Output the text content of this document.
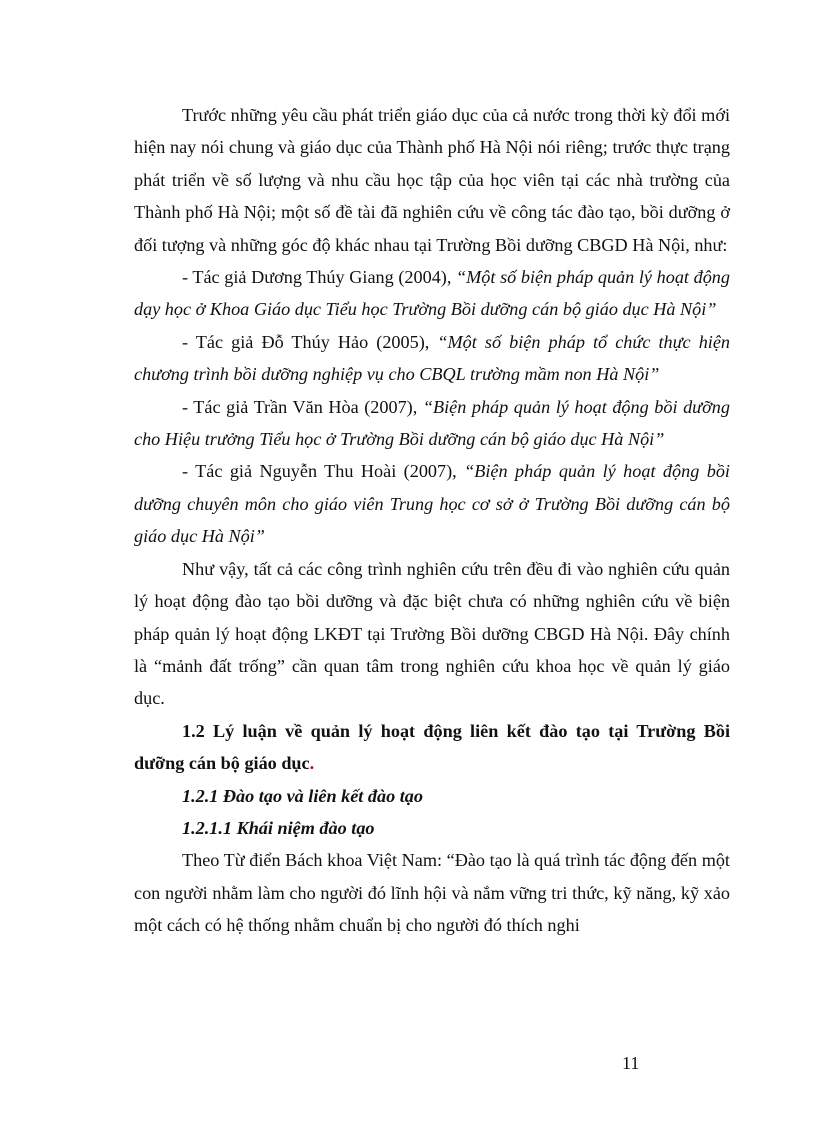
Trước những yêu cầu phát triển giáo dục của cả nước trong thời kỳ đổi mới hiện nay nói chung và giáo dục của Thành phố Hà Nội nói riêng; trước thực trạng phát triển về số lượng và nhu cầu học tập của học viên tại các nhà trường của Thành phố Hà Nội; một số đề tài đã nghiên cứu về công tác đào tạo, bồi dưỡng ở đối tượng và những góc độ khác nhau tại Trường Bồi dưỡng CBGD Hà Nội, như:

- Tác giả Dương Thúy Giang (2004), “Một số biện pháp quản lý hoạt động dạy học ở Khoa Giáo dục Tiểu học Trường Bồi dưỡng cán bộ giáo dục Hà Nội”

- Tác giả Đỗ Thúy Hảo (2005), “Một số biện pháp tổ chức thực hiện chương trình bồi dưỡng nghiệp vụ cho CBQL trường mầm non Hà Nội”

- Tác giả Trần Văn Hòa (2007), “Biện pháp quản lý hoạt động bồi dưỡng cho Hiệu trưởng Tiểu học ở Trường Bồi dưỡng cán bộ giáo dục Hà Nội”

- Tác giả Nguyễn Thu Hoài (2007), “Biện pháp quản lý hoạt động bồi dưỡng chuyên môn cho giáo viên Trung học cơ sở ở Trường Bồi dưỡng cán bộ giáo dục Hà Nội”

Như vậy, tất cả các công trình nghiên cứu trên đều đi vào nghiên cứu quản lý hoạt động đào tạo bồi dưỡng và đặc biệt chưa có những nghiên cứu về biện pháp quản lý hoạt động LKĐT tại Trường Bồi dưỡng CBGD Hà Nội. Đây chính là “mảnh đất trống” cần quan tâm trong nghiên cứu khoa học về quản lý giáo dục.

1.2 Lý luận về quản lý hoạt động liên kết đào tạo tại Trường Bồi dưỡng cán bộ giáo dục.

1.2.1 Đào tạo và liên kết đào tạo

1.2.1.1 Khái niệm đào tạo

Theo Từ điển Bách khoa Việt Nam: “Đào tạo là quá trình tác động đến một con người nhằm làm cho người đó lĩnh hội và nắm vững tri thức, kỹ năng, kỹ xảo một cách có hệ thống nhằm chuẩn bị cho người đó thích nghi

11
